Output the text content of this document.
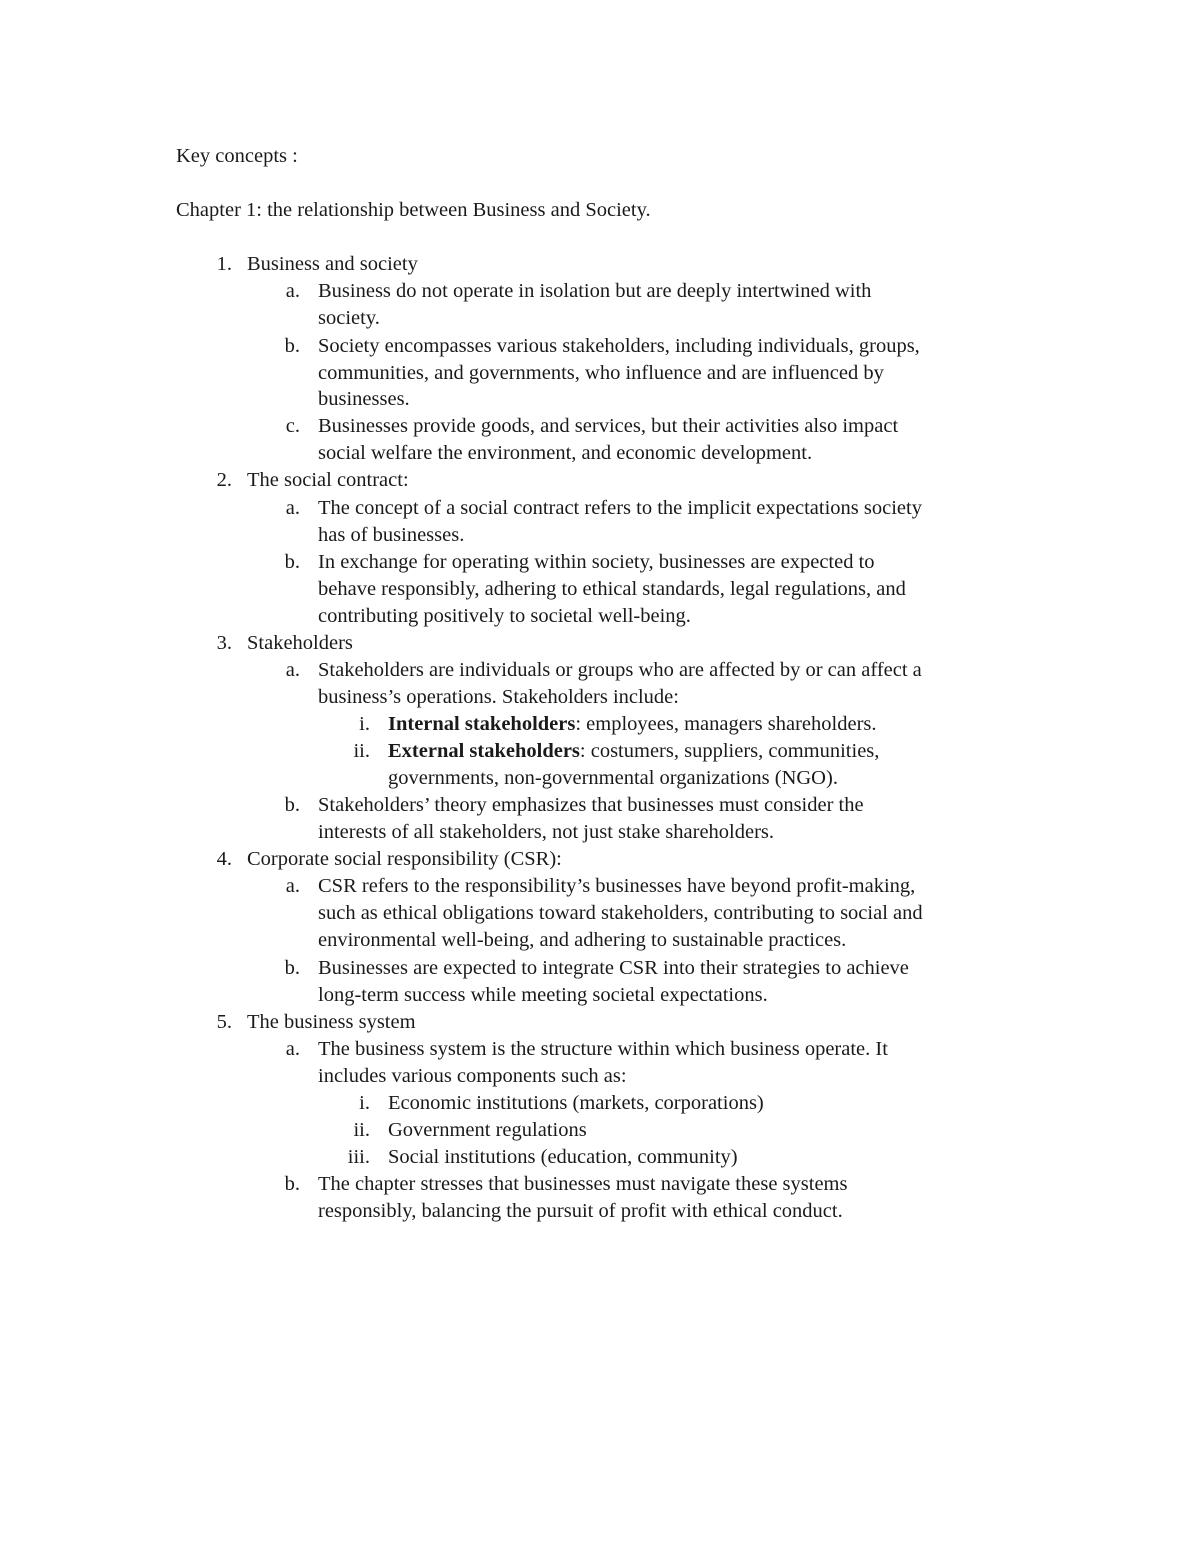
Key concepts :
Chapter 1: the relationship between Business and Society.
1. Business and society
a. Business do not operate in isolation but are deeply intertwined with
society.
b. Society encompasses various stakeholders, including individuals, groups,
communities, and governments, who influence and are influenced by
businesses.
c. Businesses provide goods, and services, but their activities also impact
social welfare the environment, and economic development.
2. The social contract:
a. The concept of a social contract refers to the implicit expectations society
has of businesses.
b. In exchange for operating within society, businesses are expected to
behave responsibly, adhering to ethical standards, legal regulations, and
contributing positively to societal well-being.
3. Stakeholders
a. Stakeholders are individuals or groups who are affected by or can affect a
business’s operations. Stakeholders include:
i. Internal stakeholders: employees, managers shareholders.
ii. External stakeholders: costumers, suppliers, communities,
governments, non-governmental organizations (NGO).
b. Stakeholders’ theory emphasizes that businesses must consider the
interests of all stakeholders, not just stake shareholders.
4. Corporate social responsibility (CSR):
a. CSR refers to the responsibility’s businesses have beyond profit-making,
such as ethical obligations toward stakeholders, contributing to social and
environmental well-being, and adhering to sustainable practices.
b. Businesses are expected to integrate CSR into their strategies to achieve
long-term success while meeting societal expectations.
5. The business system
a. The business system is the structure within which business operate. It
includes various components such as:
i. Economic institutions (markets, corporations)
ii. Government regulations
iii. Social institutions (education, community)
b. The chapter stresses that businesses must navigate these systems
responsibly, balancing the pursuit of profit with ethical conduct.
